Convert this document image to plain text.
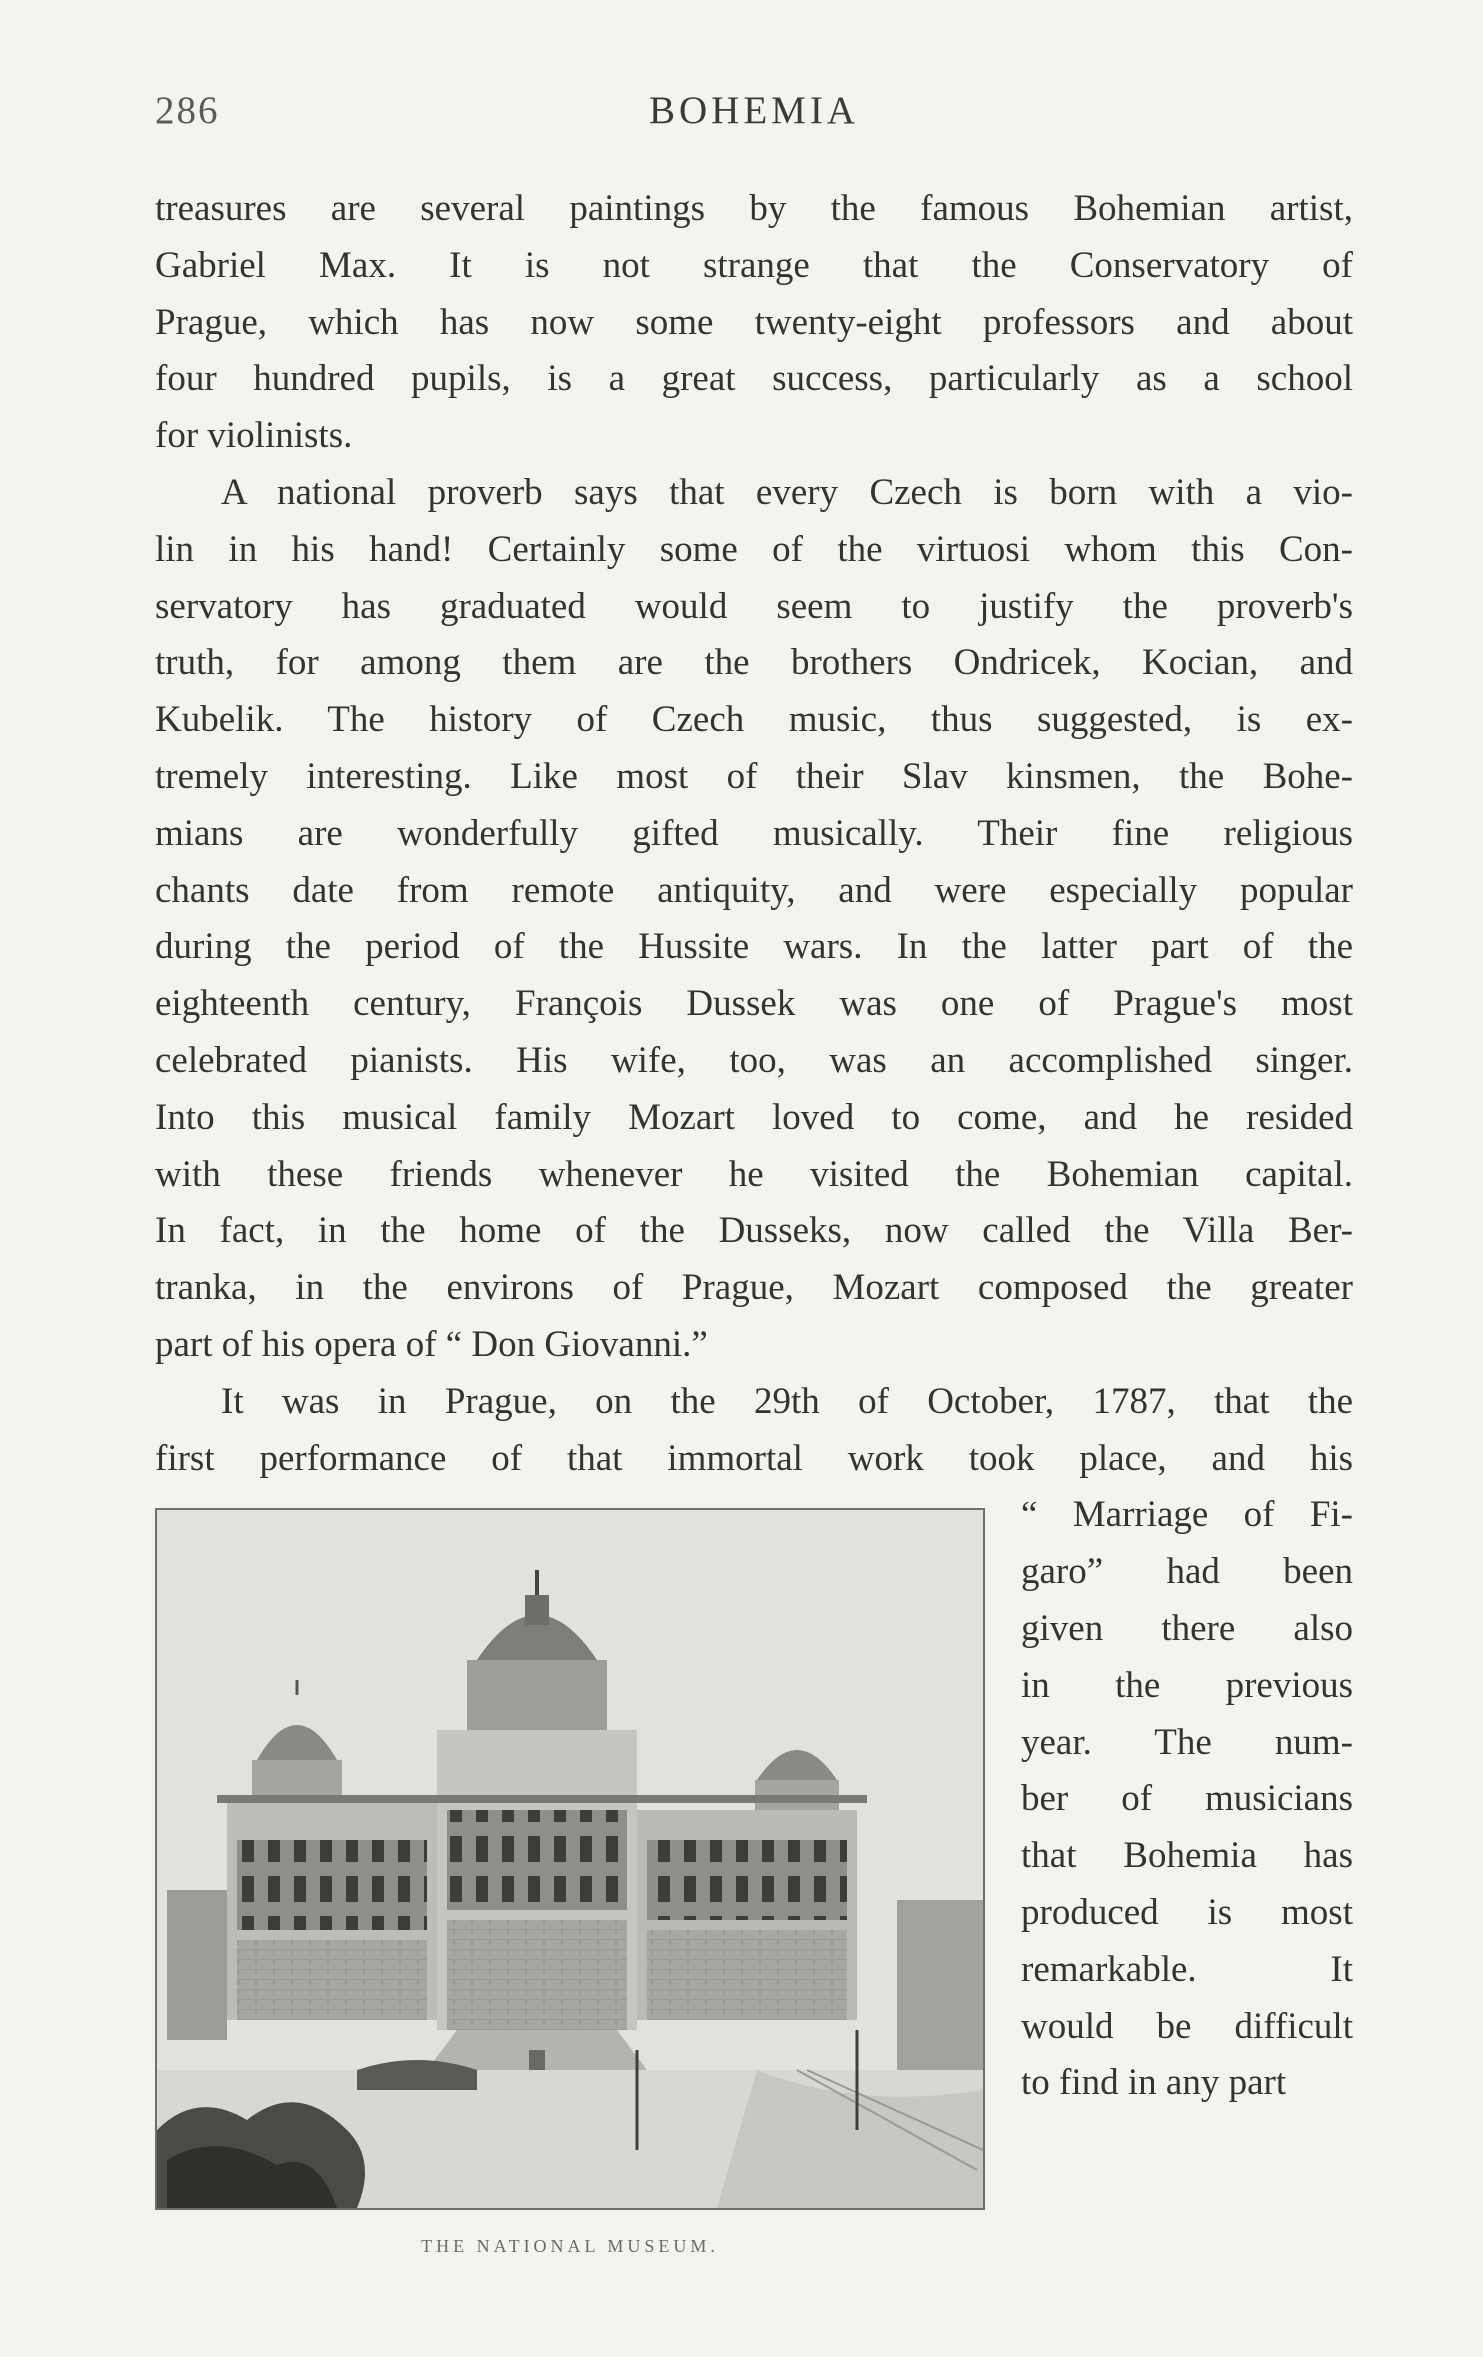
286	BOHEMIA
treasures are several paintings by the famous Bohemian artist,
Gabriel Max. It is not strange that the Conservatory of
Prague, which has now some twenty-eight professors and about
four hundred pupils, is a great success, particularly as a school
for violinists.
A national proverb says that every Czech is born with a vio-
lin in his hand! Certainly some of the virtuosi whom this Con-
servatory has graduated would seem to justify the proverb's
truth, for among them are the brothers Ondricek, Kocian, and
Kubelik. The history of Czech music, thus suggested, is ex-
tremely interesting. Like most of their Slav kinsmen, the Bohe-
mians are wonderfully gifted musically. Their fine religious
chants date from remote antiquity, and were especially popular
during the period of the Hussite wars. In the latter part of the
eighteenth century, François Dussek was one of Prague's most
celebrated pianists. His wife, too, was an accomplished singer.
Into this musical family Mozart loved to come, and he resided
with these friends whenever he visited the Bohemian capital.
In fact, in the home of the Dusseks, now called the Villa Ber-
tranka, in the environs of Prague, Mozart composed the greater
part of his opera of “ Don Giovanni.”
It was in Prague, on the 29th of October, 1787, that the
first performance of that immortal work took place, and his
“ Marriage of Fi-
garo” had been
given there also
in the previous
year. The num-
ber of musicians
that Bohemia has
produced is most
remarkable. It
would be difficult
to find in any part
THE NATIONAL MUSEUM.
